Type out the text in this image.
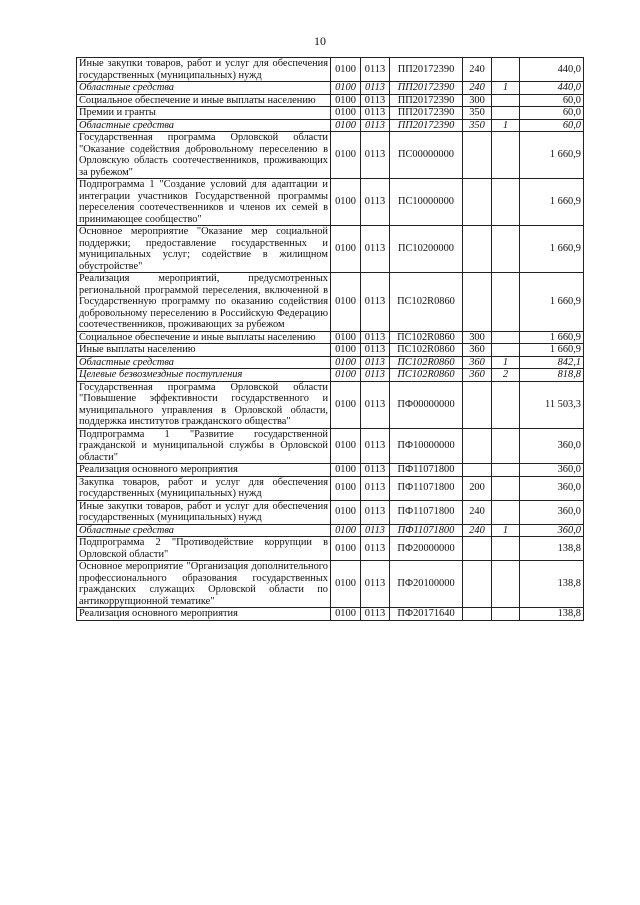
10
Иные закупки товаров, работ и услуг для обеспечения государственных (муниципальных) нужд	0100	0113	ПП20172390	240		440,0
Областные средства	0100	0113	ПП20172390	240	1	440,0
Социальное обеспечение и иные выплаты населению	0100	0113	ПП20172390	300		60,0
Премии и гранты	0100	0113	ПП20172390	350		60,0
Областные средства	0100	0113	ПП20172390	350	1	60,0
Государственная программа Орловской области "Оказание содействия добровольному переселению в Орловскую область соотечественников, проживающих за рубежом"	0100	0113	ПС00000000			1 660,9
Подпрограмма 1 "Создание условий для адаптации и интеграции участников Государственной программы переселения соотечественников и членов их семей в принимающее сообщество"	0100	0113	ПС10000000			1 660,9
Основное мероприятие "Оказание мер социальной поддержки; предоставление государственных и муниципальных услуг; содействие в жилищном обустройстве"	0100	0113	ПС10200000			1 660,9
Реализация мероприятий, предусмотренных региональной программой переселения, включенной в Государственную программу по оказанию содействия добровольному переселению в Российскую Федерацию соотечественников, проживающих за рубежом	0100	0113	ПС102R0860			1 660,9
Социальное обеспечение и иные выплаты населению	0100	0113	ПС102R0860	300		1 660,9
Иные выплаты населению	0100	0113	ПС102R0860	360		1 660,9
Областные средства	0100	0113	ПС102R0860	360	1	842,1
Целевые безвозмездные поступления	0100	0113	ПС102R0860	360	2	818,8
Государственная программа Орловской области "Повышение эффективности государственного и муниципального управления в Орловской области, поддержка институтов гражданского общества"	0100	0113	ПФ00000000			11 503,3
Подпрограмма 1 "Развитие государственной гражданской и муниципальной службы в Орловской области"	0100	0113	ПФ10000000			360,0
Реализация основного мероприятия	0100	0113	ПФ11071800			360,0
Закупка товаров, работ и услуг для обеспечения государственных (муниципальных) нужд	0100	0113	ПФ11071800	200		360,0
Иные закупки товаров, работ и услуг для обеспечения государственных (муниципальных) нужд	0100	0113	ПФ11071800	240		360,0
Областные средства	0100	0113	ПФ11071800	240	1	360,0
Подпрограмма 2 "Противодействие коррупции в Орловской области"	0100	0113	ПФ20000000			138,8
Основное мероприятие "Организация дополнительного профессионального образования государственных гражданских служащих Орловской области по антикоррупционной тематике"	0100	0113	ПФ20100000			138,8
Реализация основного мероприятия	0100	0113	ПФ20171640			138,8
